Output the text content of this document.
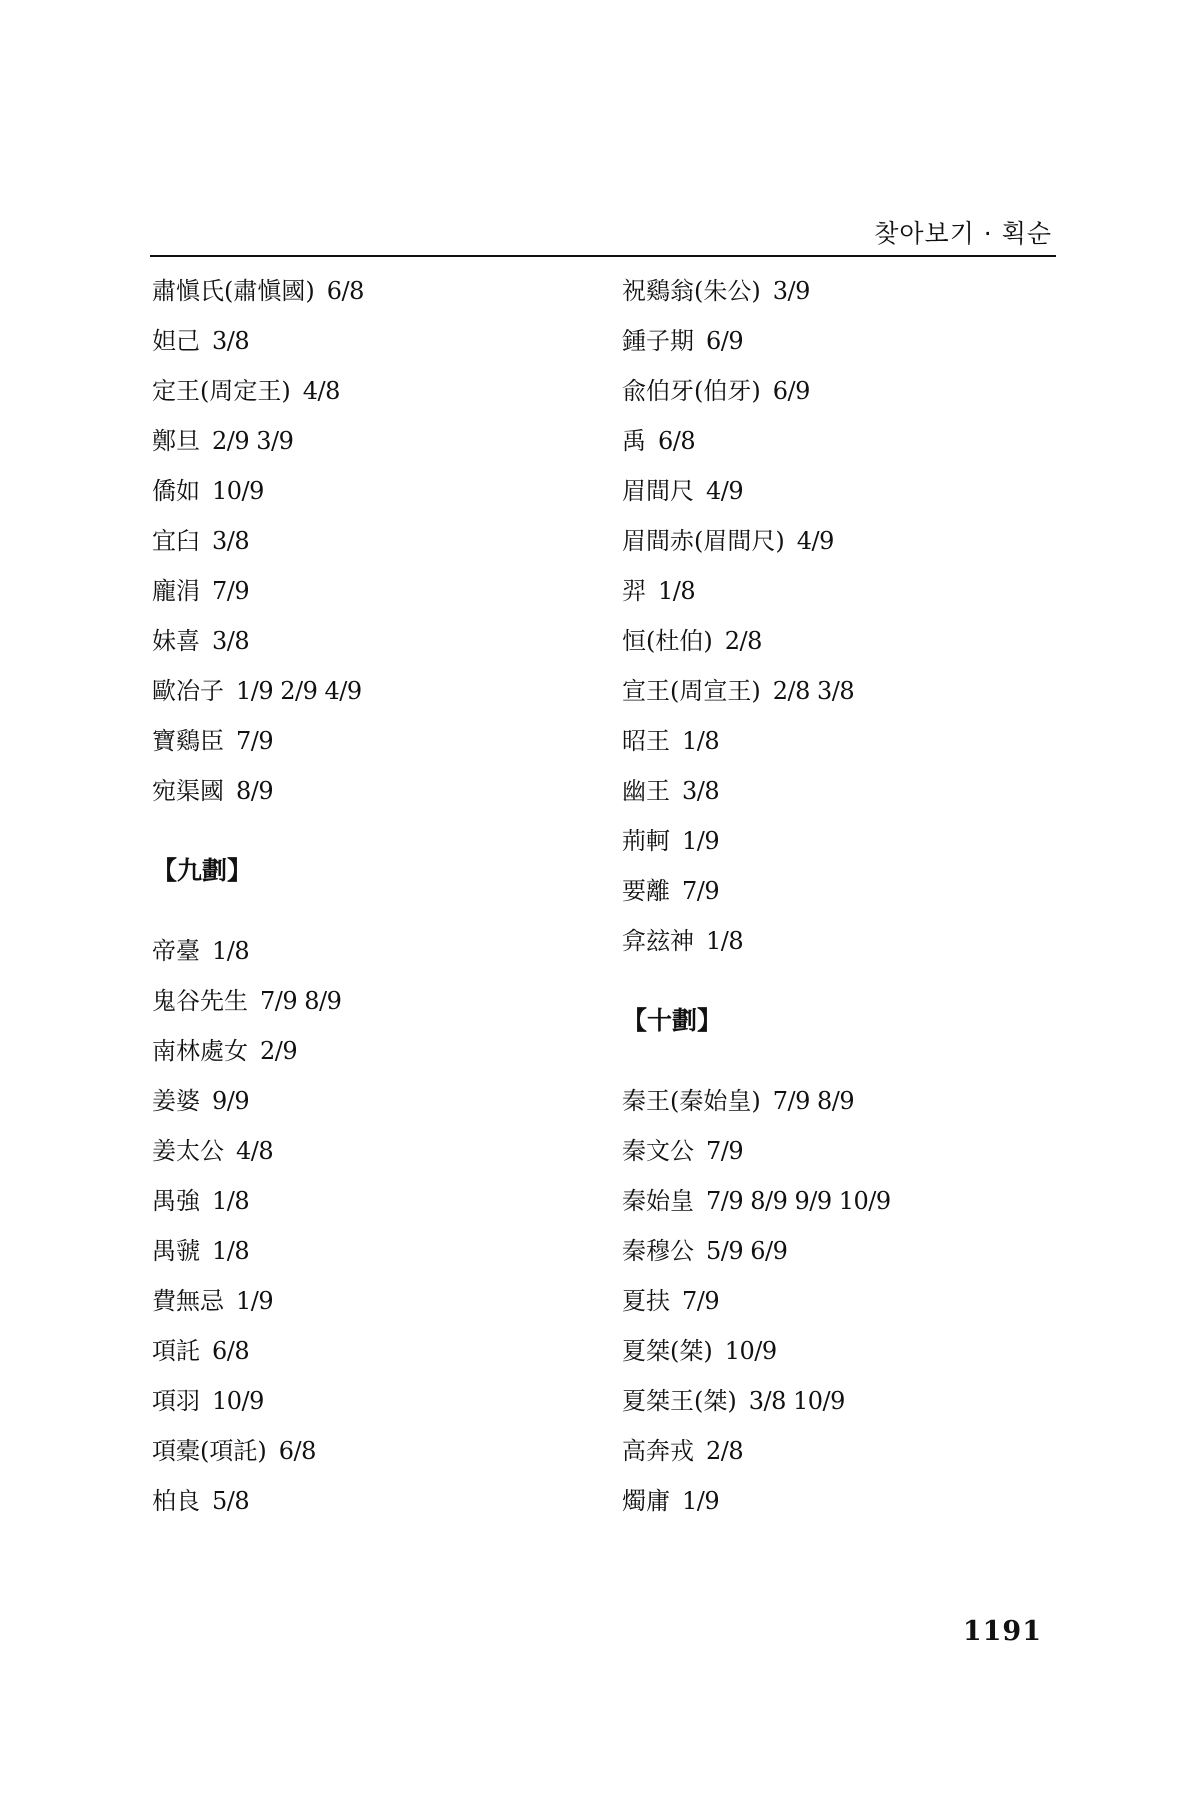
찾아보기 · 획순
肅愼氏(肅愼國) 6/8
妲己 3/8
定王(周定王) 4/8
鄭旦 2/9 3/9
僑如 10/9
宜臼 3/8
龐涓 7/9
妹喜 3/8
歐冶子 1/9 2/9 4/9
寶鷄臣 7/9
宛渠國 8/9
【九劃】
帝臺 1/8
鬼谷先生 7/9 8/9
南林處女 2/9
姜婆 9/9
姜太公 4/8
禺強 1/8
禺虢 1/8
費無忌 1/9
項託 6/8
項羽 10/9
項橐(項託) 6/8
柏良 5/8
祝鷄翁(朱公) 3/9
鍾子期 6/9
兪伯牙(伯牙) 6/9
禹 6/8
眉間尺 4/9
眉間赤(眉間尺) 4/9
羿 1/8
恒(杜伯) 2/8
宣王(周宣王) 2/8 3/8
昭王 1/8
幽王 3/8
荊軻 1/9
要離 7/9
弇玆神 1/8
【十劃】
秦王(秦始皇) 7/9 8/9
秦文公 7/9
秦始皇 7/9 8/9 9/9 10/9
秦穆公 5/9 6/9
夏扶 7/9
夏桀(桀) 10/9
夏桀王(桀) 3/8 10/9
高奔戎 2/8
燭庸 1/9
1191
